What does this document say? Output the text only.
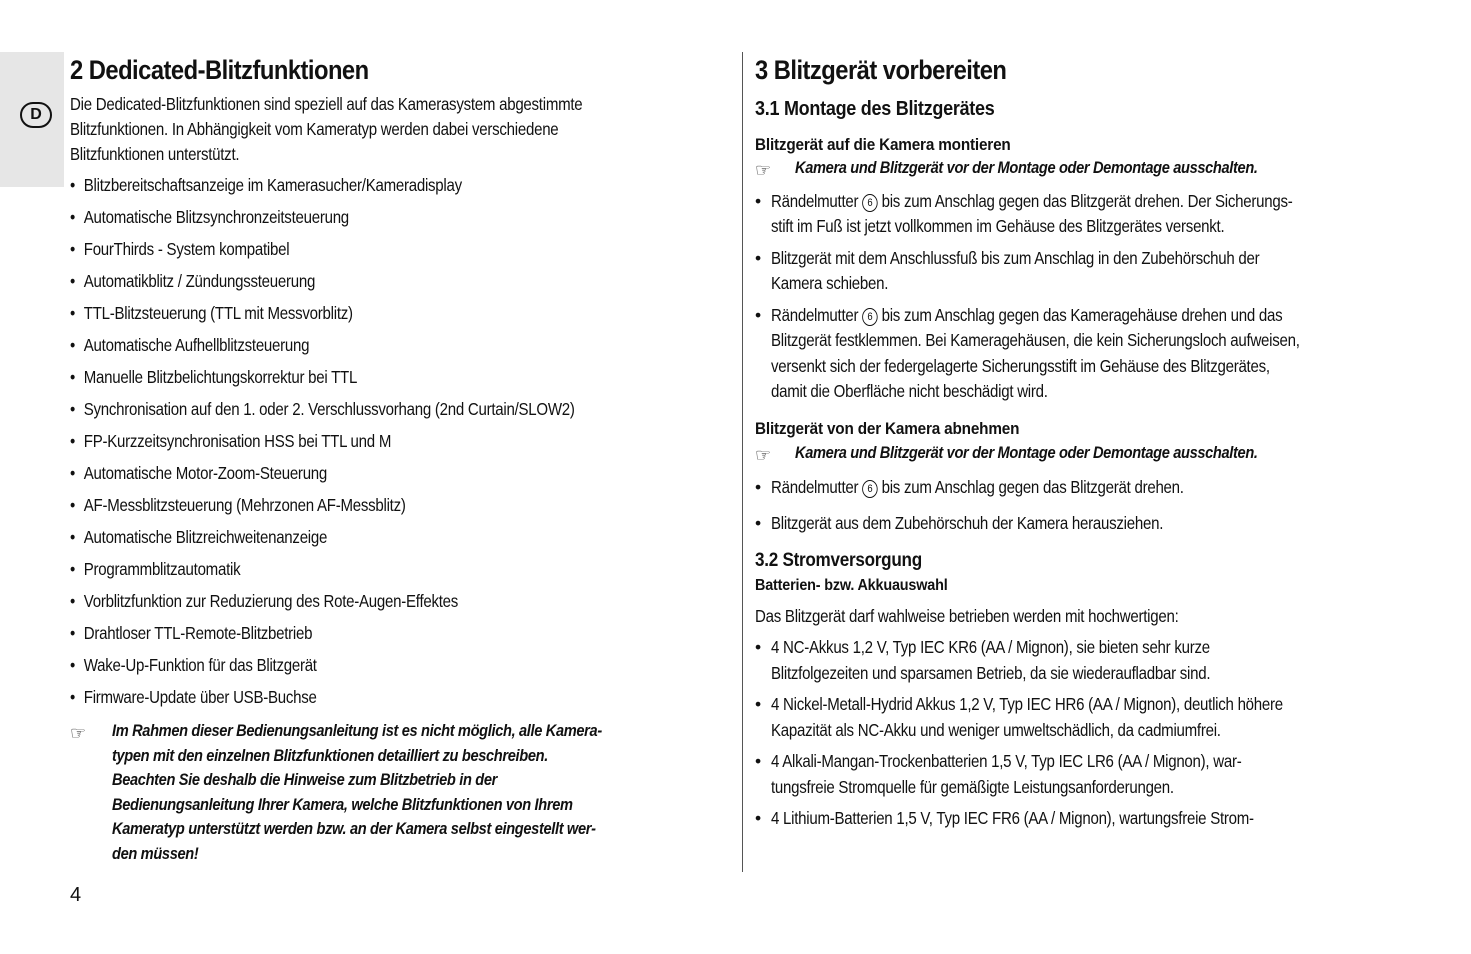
D
2 Dedicated-Blitzfunktionen

Die Dedicated-Blitzfunktionen sind speziell auf das Kamerasystem abgestimmte

Blitzfunktionen. In Abhängigkeit vom Kameratyp werden dabei verschiedene

Blitzfunktionen unterstützt.

• Blitzbereitschaftsanzeige im Kamerasucher/Kameradisplay
• Automatische Blitzsynchronzeitsteuerung
• FourThirds - System kompatibel
• Automatikblitz / Zündungssteuerung
• TTL-Blitzsteuerung (TTL mit Messvorblitz)
• Automatische Aufhellblitzsteuerung
• Manuelle Blitzbelichtungskorrektur bei TTL
• Synchronisation auf den 1. oder 2. Verschlussvorhang (2nd Curtain/SLOW2)
• FP-Kurzzeitsynchronisation HSS bei TTL und M
• Automatische Motor-Zoom-Steuerung
• AF-Messblitzsteuerung (Mehrzonen AF-Messblitz)
• Automatische Blitzreichweitenanzeige
• Programmblitzautomatik
• Vorblitzfunktion zur Reduzierung des Rote-Augen-Effektes
• Drahtloser TTL-Remote-Blitzbetrieb
• Wake-Up-Funktion für das Blitzgerät
• Firmware-Update über USB-Buchse
☞ Im Rahmen dieser Bedienungsanleitung ist es nicht möglich, alle Kamera-
typen mit den einzelnen Blitzfunktionen detailliert zu beschreiben.
Beachten Sie deshalb die Hinweise zum Blitzbetrieb in der
Bedienungsanleitung Ihrer Kamera, welche Blitzfunktionen von Ihrem
Kameratyp unterstützt werden bzw. an der Kamera selbst eingestellt wer-
den müssen!
3 Blitzgerät vorbereiten
3.1 Montage des Blitzgerätes
Blitzgerät auf die Kamera montieren
☞ Kamera und Blitzgerät vor der Montage oder Demontage ausschalten.
• Rändelmutter 6 bis zum Anschlag gegen das Blitzgerät drehen. Der Sicherungs-
stift im Fuß ist jetzt vollkommen im Gehäuse des Blitzgerätes versenkt.
• Blitzgerät mit dem Anschlussfuß bis zum Anschlag in den Zubehörschuh der
Kamera schieben.
• Rändelmutter 6 bis zum Anschlag gegen das Kameragehäuse drehen und das
Blitzgerät festklemmen. Bei Kameragehäusen, die kein Sicherungsloch aufweisen,
versenkt sich der federgelagerte Sicherungsstift im Gehäuse des Blitzgerätes,
damit die Oberfläche nicht beschädigt wird.
Blitzgerät von der Kamera abnehmen
☞ Kamera und Blitzgerät vor der Montage oder Demontage ausschalten.
• Rändelmutter 6 bis zum Anschlag gegen das Blitzgerät drehen.
• Blitzgerät aus dem Zubehörschuh der Kamera herausziehen.
3.2 Stromversorgung
Batterien- bzw. Akkuauswahl

Das Blitzgerät darf wahlweise betrieben werden mit hochwertigen:

• 4 NC-Akkus 1,2 V, Typ IEC KR6 (AA / Mignon), sie bieten sehr kurze
Blitzfolgezeiten und sparsamen Betrieb, da sie wiederaufladbar sind.
• 4 Nickel-Metall-Hydrid Akkus 1,2 V, Typ IEC HR6 (AA / Mignon), deutlich höhere
Kapazität als NC-Akku und weniger umweltschädlich, da cadmiumfrei.
• 4 Alkali-Mangan-Trockenbatterien 1,5 V, Typ IEC LR6 (AA / Mignon), war-
tungsfreie Stromquelle für gemäßigte Leistungsanforderungen.
• 4 Lithium-Batterien 1,5 V, Typ IEC FR6 (AA / Mignon), wartungsfreie Strom-
4
